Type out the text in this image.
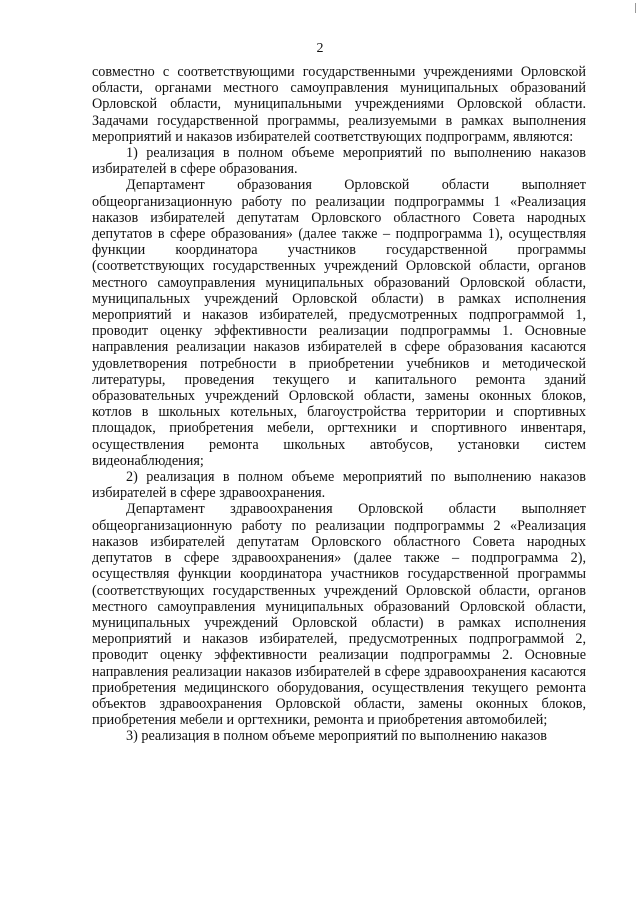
2

совместно с соответствующими государственными учреждениями Орловской области, органами местного самоуправления муниципальных образований Орловской области, муниципальными учреждениями Орловской области. Задачами государственной программы, реализуемыми в рамках выполнения мероприятий и наказов избирателей соответствующих подпрограмм, являются:

1) реализация в полном объеме мероприятий по выполнению наказов избирателей в сфере образования.

Департамент образования Орловской области выполняет общеорганизационную работу по реализации подпрограммы 1 «Реализация наказов избирателей депутатам Орловского областного Совета народных депутатов в сфере образования» (далее также – подпрограмма 1), осуществляя функции координатора участников государственной программы (соответствующих государственных учреждений Орловской области, органов местного самоуправления муниципальных образований Орловской области, муниципальных учреждений Орловской области) в рамках исполнения мероприятий и наказов избирателей, предусмотренных подпрограммой 1, проводит оценку эффективности реализации подпрограммы 1. Основные направления реализации наказов избирателей в сфере образования касаются удовлетворения потребности в приобретении учебников и методической литературы, проведения текущего и капитального ремонта зданий образовательных учреждений Орловской области, замены оконных блоков, котлов в школьных котельных, благоустройства территории и спортивных площадок, приобретения мебели, оргтехники и спортивного инвентаря, осуществления ремонта школьных автобусов, установки систем видеонаблюдения;

2) реализация в полном объеме мероприятий по выполнению наказов избирателей в сфере здравоохранения.

Департамент здравоохранения Орловской области выполняет общеорганизационную работу по реализации подпрограммы 2 «Реализация наказов избирателей депутатам Орловского областного Совета народных депутатов в сфере здравоохранения» (далее также – подпрограмма 2), осуществляя функции координатора участников государственной программы (соответствующих государственных учреждений Орловской области, органов местного самоуправления муниципальных образований Орловской области, муниципальных учреждений Орловской области) в рамках исполнения мероприятий и наказов избирателей, предусмотренных подпрограммой 2, проводит оценку эффективности реализации подпрограммы 2. Основные направления реализации наказов избирателей в сфере здравоохранения касаются приобретения медицинского оборудования, осуществления текущего ремонта объектов здравоохранения Орловской области, замены оконных блоков, приобретения мебели и оргтехники, ремонта и приобретения автомобилей;

3) реализация в полном объеме мероприятий по выполнению наказов
